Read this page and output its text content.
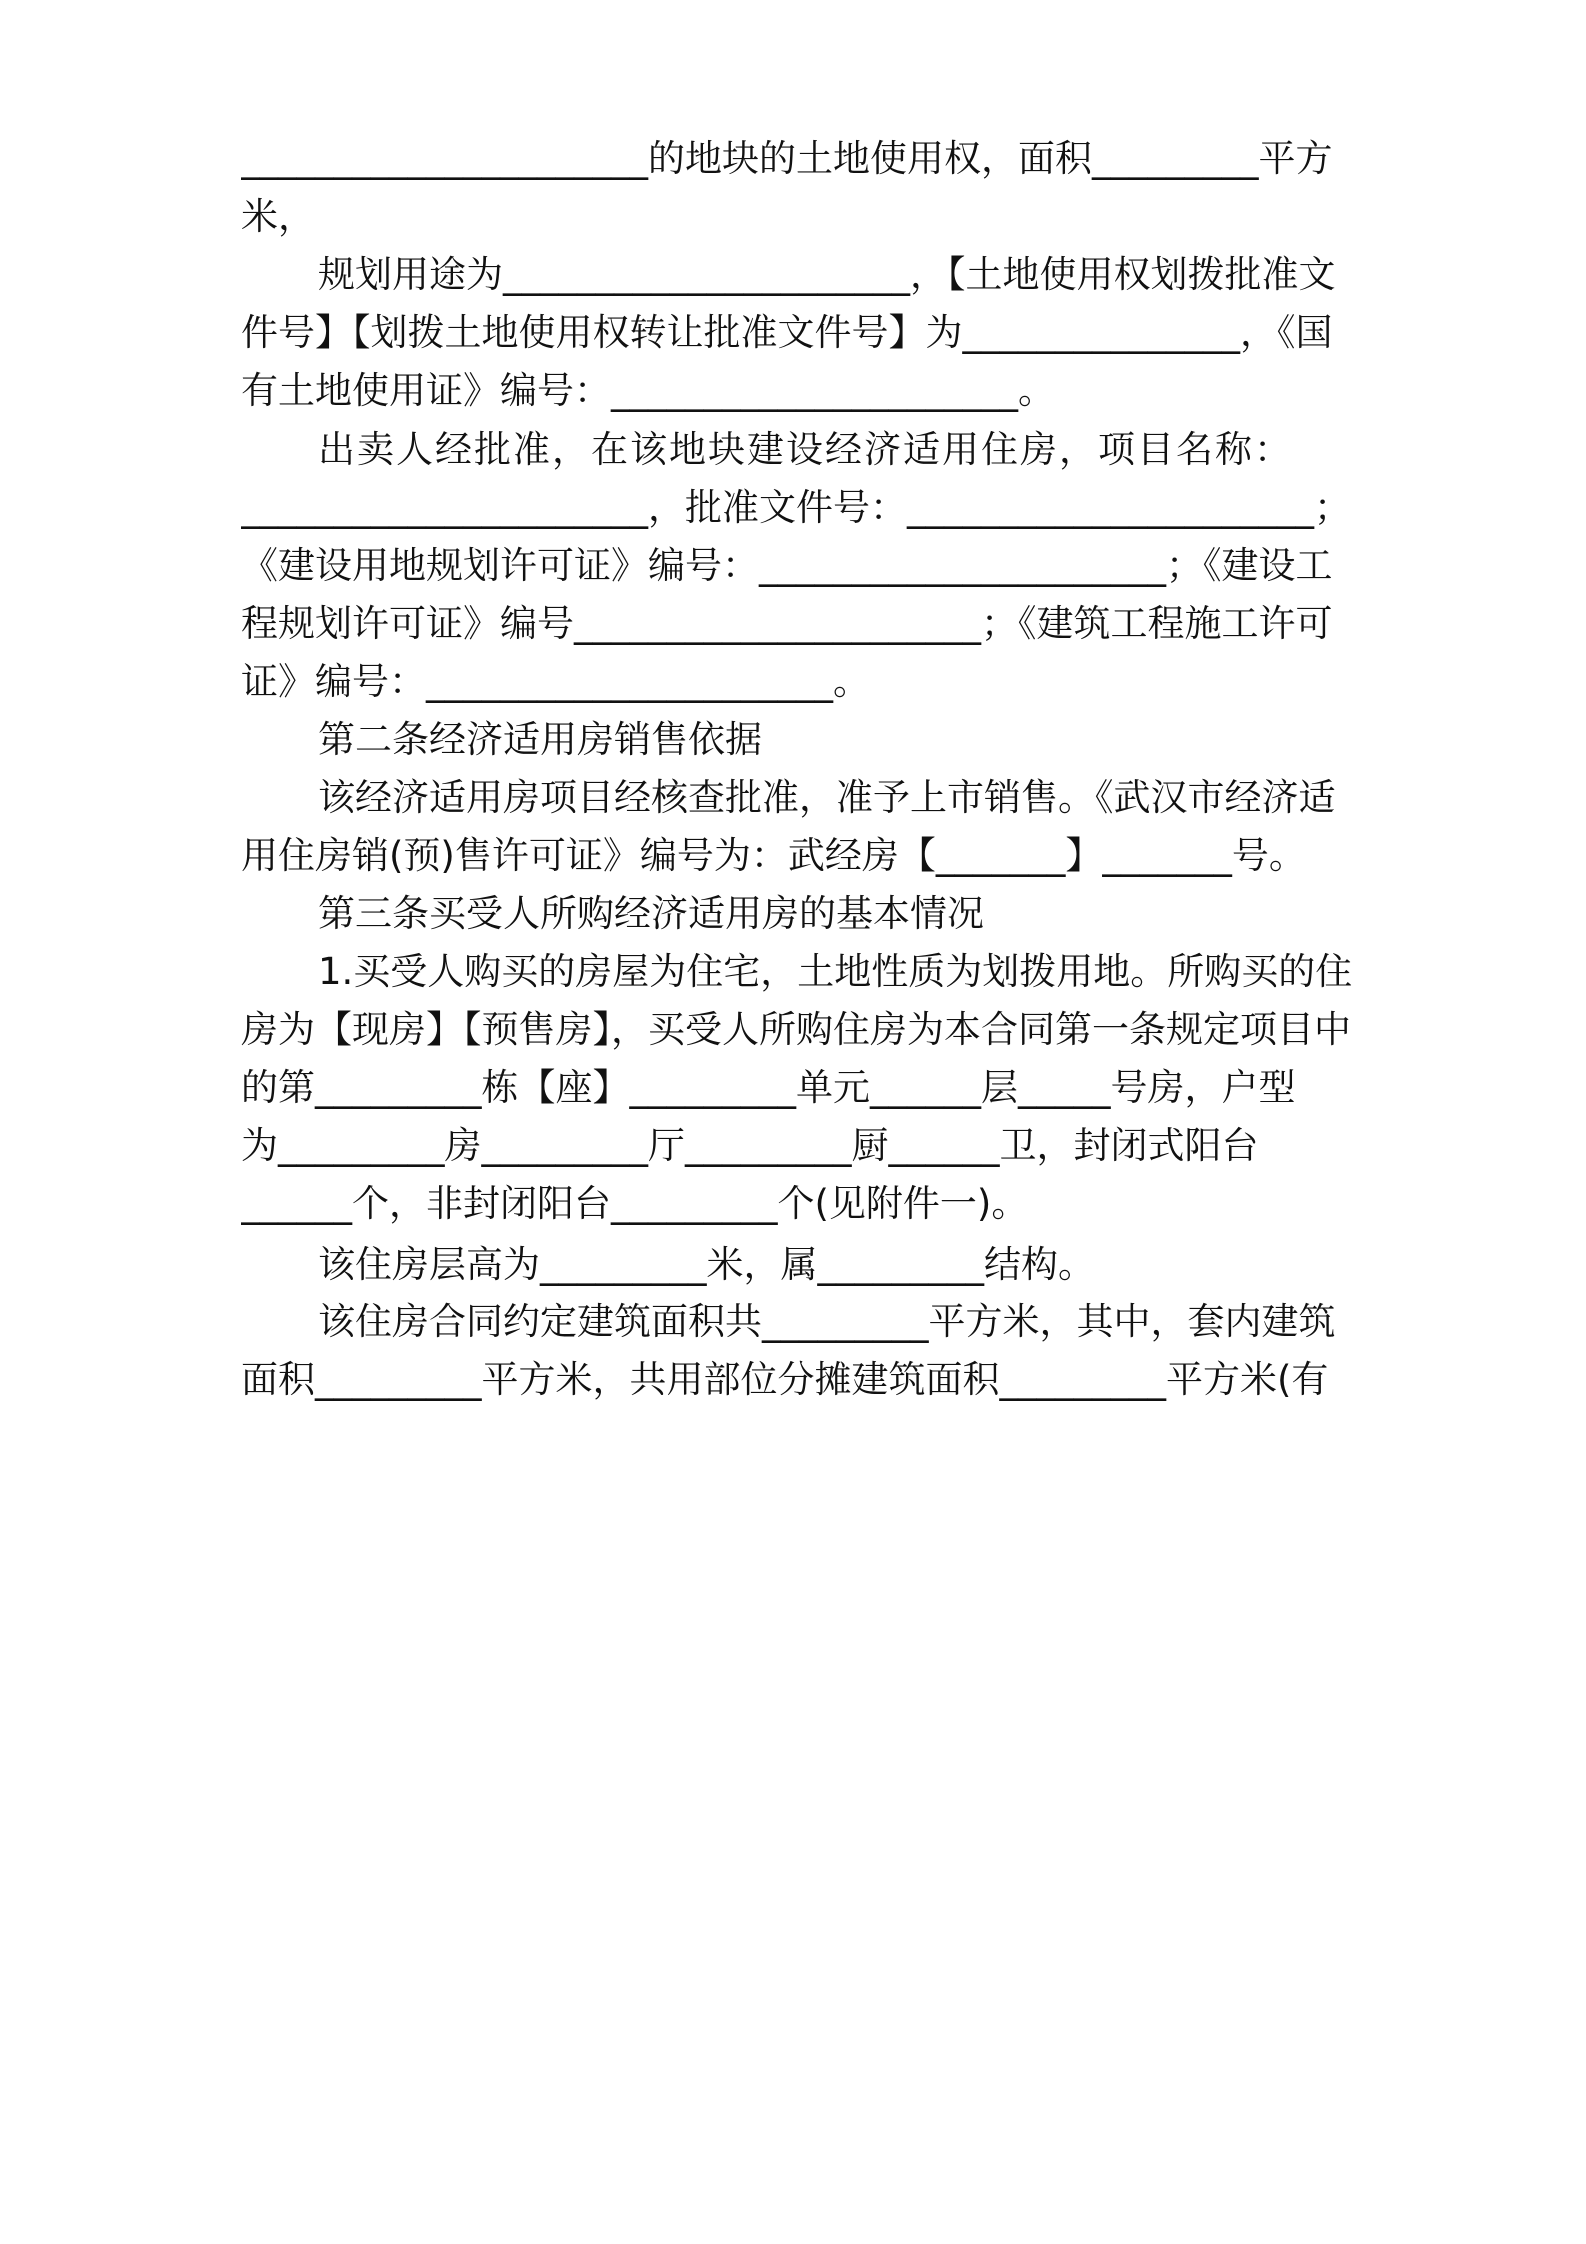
______________________的地块的土地使用权，面积_________平方
米，
规划用途为______________________，【土地使用权划拨批准文
件号】【划拨土地使用权转让批准文件号】为_______________，《国
有土地使用证》编号：______________________。
出卖人经批准，在该地块建设经济适用住房，项目名称：
______________________，批准文件号：______________________；
《建设用地规划许可证》编号：______________________；《建设工
程规划许可证》编号______________________；《建筑工程施工许可
证》编号：______________________。
第二条经济适用房销售依据
该经济适用房项目经核查批准，准予上市销售。《武汉市经济适
用住房销(预)售许可证》编号为：武经房【_______】_______号。
第三条买受人所购经济适用房的基本情况
1.买受人购买的房屋为住宅，土地性质为划拨用地。所购买的住
房为【现房】【预售房】，买受人所购住房为本合同第一条规定项目中
的第_________栋【座】_________单元______层_____号房，户型
为_________房_________厅_________厨______卫，封闭式阳台
______个，非封闭阳台_________个(见附件一)。
该住房层高为_________米，属_________结构。
该住房合同约定建筑面积共_________平方米，其中，套内建筑
面积_________平方米，共用部位分摊建筑面积_________平方米(有
